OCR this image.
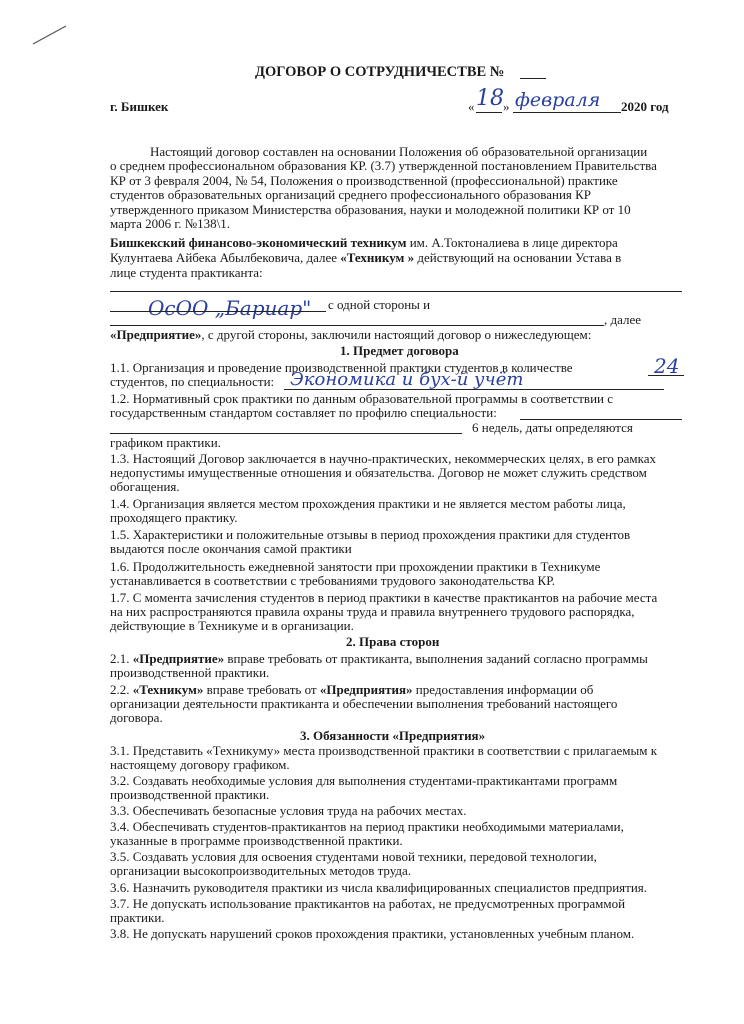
ДОГОВОР О СОТРУДНИЧЕСТВЕ №
г. Бишкек	« 18 » февраля 2020 год
Настоящий договор составлен на основании Положения об образовательной организации
о среднем профессиональном образования КР. (3.7) утвержденной постановлением Правительства
КР от 3 февраля 2004, № 54, Положения о производственной (профессиональной) практике
студентов образовательных организаций среднего профессионального образования КР
утвержденного приказом Министерства образования, науки и молодежной политики КР от 10
марта 2006 г. №138\1.
Бишкекский финансово-экономический техникум им. А.Токтоналиева в лице директора
Кулунтаева Айбека Абылбековича, далее «Техникум » действующий на основании Устава в
лице студента практиканта:
ОсОО „Бариар" с одной стороны и
, далее
«Предприятие», с другой стороны, заключили настоящий договор о нижеследующем:
1. Предмет договора
1.1. Организация и проведение производственной практики студентов в количестве	24
студентов, по специальности: Экономика и бух-й учёт
1.2. Нормативный срок практики по данным образовательной программы в соответствии с
государственным стандартом составляет по профилю специальности:
6 недель, даты определяются
графиком практики.
1.3. Настоящий Договор заключается в научно-практических, некоммерческих целях, в его рамках
недопустимы имущественные отношения и обязательства. Договор не может служить средством
обогащения.
1.4. Организация является местом прохождения практики и не является местом работы лица,
проходящего практику.
1.5. Характеристики и положительные отзывы в период прохождения практики для студентов
выдаются после окончания самой практики
1.6. Продолжительность ежедневной занятости при прохождении практики в Техникуме
устанавливается в соответствии с требованиями трудового законодательства КР.
1.7. С момента зачисления студентов в период практики в качестве практикантов на рабочие места
на них распространяются правила охраны труда и правила внутреннего трудового распорядка,
действующие в Техникуме и в организации.
2. Права сторон
2.1. «Предприятие» вправе требовать от практиканта, выполнения заданий согласно программы
производственной практики.
2.2. «Техникум» вправе требовать от «Предприятия» предоставления информации об
организации деятельности практиканта и обеспечении выполнения требований настоящего
договора.
3. Обязанности «Предприятия»
3.1. Представить «Техникуму» места производственной практики в соответствии с прилагаемым к
настоящему договору графиком.
3.2. Создавать необходимые условия для выполнения студентами-практикантами программ
производственной практики.
3.3. Обеспечивать безопасные условия труда на рабочих местах.
3.4. Обеспечивать студентов-практикантов на период практики необходимыми материалами,
указанные в программе производственной практики.
3.5. Создавать условия для освоения студентами новой техники, передовой технологии,
организации высокопроизводительных методов труда.
3.6. Назначить руководителя практики из числа квалифицированных специалистов предприятия.
3.7. Не допускать использование практикантов на работах, не предусмотренных программой
практики.
3.8. Не допускать нарушений сроков прохождения практики, установленных учебным планом.
